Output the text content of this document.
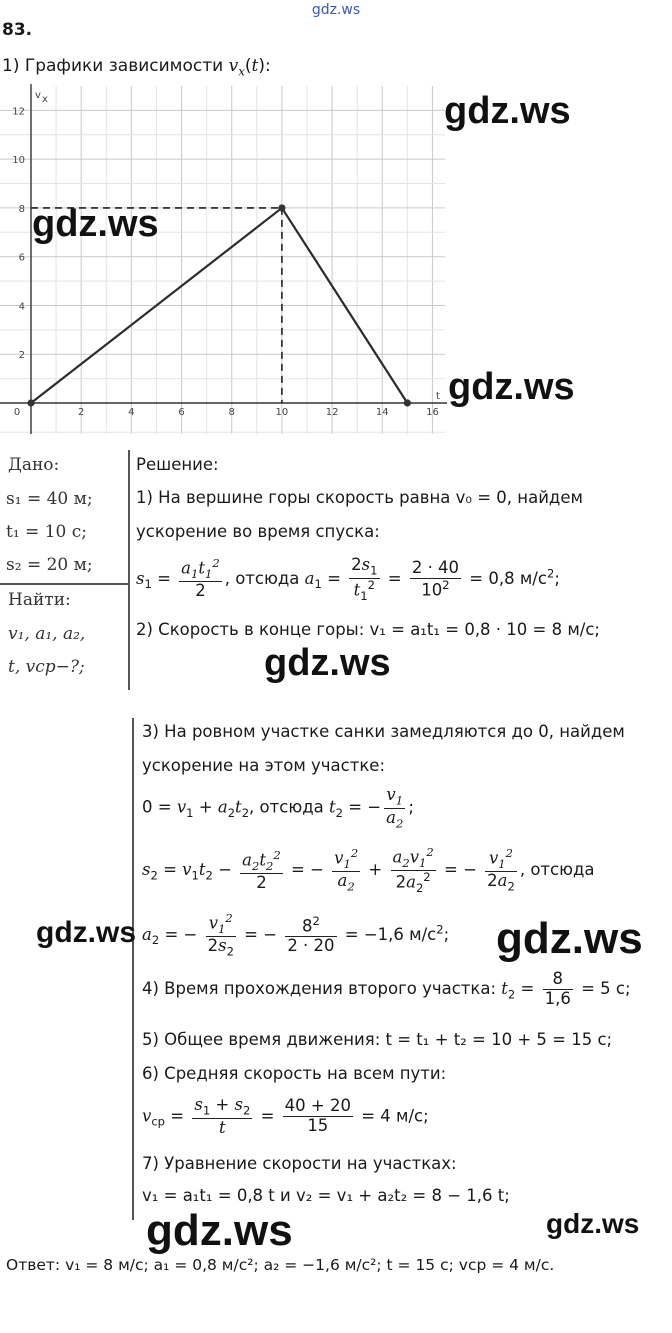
gdz.ws
83.
1) Графики зависимости $v_x(t)$:
0	2	4	6	8	10	12	14	16
2
4
6
8
10
12
v x
t
gdz.ws
gdz.ws
gdz.ws
Дано:
s₁ = 40 м;
t₁ = 10 с;
s₂ = 20 м;
Найти:
v₁, a₁, a₂,
t, vср−?;
Решение:
1) На вершине горы скорость равна v₀ = 0, найдем
ускорение во время спуска:
$s_1 = \frac{a_1t_1^2}{2}$ , отсюда $a_1 = \frac{2s_1}{t_1^2} = \frac{2 \cdot 40}{10^2} = 0,8$ $м/с^2$;
2) Скорость в конце горы: v₁ = a₁t₁ = 0,8 · 10 = 8 м/с;
gdz.ws
3) На ровном участке санки замедляются до 0, найдем
ускорение на этом участке:
$0 = v_1 + a_2t_2$, отсюда $t_2$ = − $\frac{v_1}{a_2}$ ;
$s_2 = v_1t_2 - \frac{a_2t_2^2}{2}$ = − $\frac{v_1^2}{a_2} + \frac{a_2v_1^2}{2a_2^2}$ = − $\frac{v_1^2}{2a_2}$ , отсюда
$a_2$ = − $\frac{v_1^2}{2s_2}$ = − $\frac{8^2}{2 \cdot 20} = -1,6$ $м/с^2$;
gdz.ws	gdz.ws
4) Время прохождения второго участка: $t_2 = \frac{8}{1,6} = 5$ с;
5) Общее время движения: t = t₁ + t₂ = 10 + 5 = 15 с;
6) Средняя скорость на всем пути:
$v_{ср} = \frac{s_1 + s_2}{t} = \frac{40 + 20}{15} = 4$ м/с;
7) Уравнение скорости на участках:
v₁ = a₁t₁ = 0,8 t и v₂ = v₁ + a₂t₂ = 8 − 1,6 t;
gdz.ws	gdz.ws
Ответ: v₁ = 8 м/с; a₁ = 0,8 м/с²; a₂ = −1,6 м/с²; t = 15 с; vср = 4 м/с.
